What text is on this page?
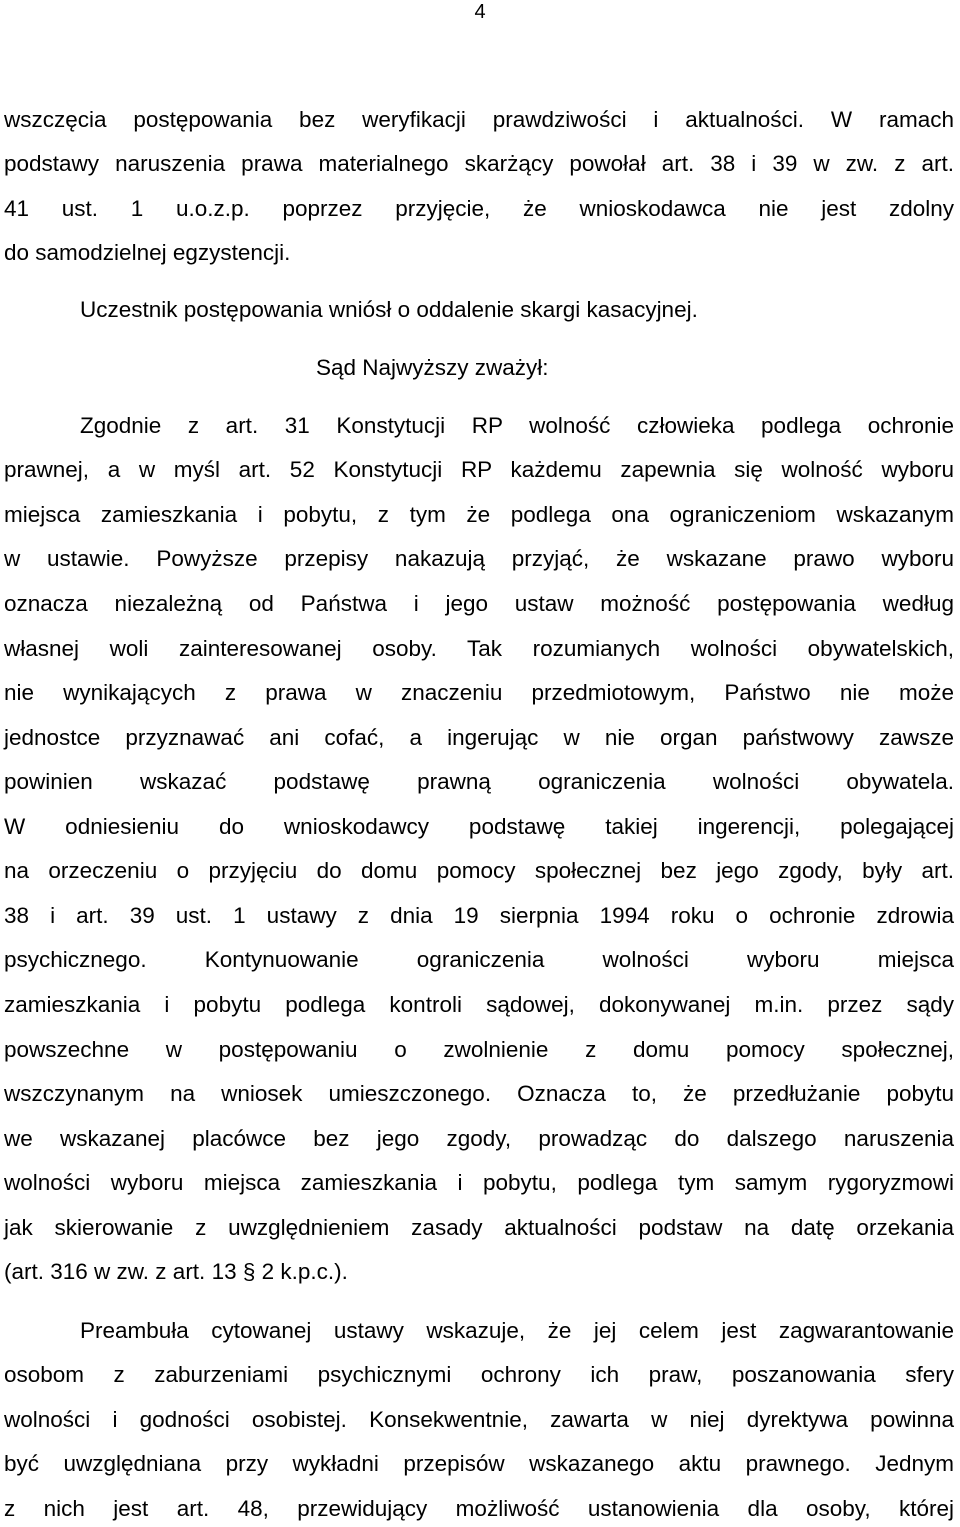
4
wszczęcia postępowania bez weryfikacji prawdziwości i aktualności. W ramach
podstawy naruszenia prawa materialnego skarżący powołał art. 38 i 39 w zw. z art.
41 ust. 1 u.o.z.p. poprzez przyjęcie, że wnioskodawca nie jest zdolny
do samodzielnej egzystencji.
Uczestnik postępowania wniósł o oddalenie skargi kasacyjnej.
Sąd Najwyższy zważył:
Zgodnie z art. 31 Konstytucji RP wolność człowieka podlega ochronie
prawnej, a w myśl art. 52 Konstytucji RP każdemu zapewnia się wolność wyboru
miejsca zamieszkania i pobytu, z tym że podlega ona ograniczeniom wskazanym
w ustawie. Powyższe przepisy nakazują przyjąć, że wskazane prawo wyboru
oznacza niezależną od Państwa i jego ustaw możność postępowania według
własnej woli zainteresowanej osoby. Tak rozumianych wolności obywatelskich,
nie wynikających z prawa w znaczeniu przedmiotowym, Państwo nie może
jednostce przyznawać ani cofać, a ingerując w nie organ państwowy zawsze
powinien wskazać podstawę prawną ograniczenia wolności obywatela.
W odniesieniu do wnioskodawcy podstawę takiej ingerencji, polegającej
na orzeczeniu o przyjęciu do domu pomocy społecznej bez jego zgody, były art.
38 i art. 39 ust. 1 ustawy z dnia 19 sierpnia 1994 roku o ochronie zdrowia
psychicznego. Kontynuowanie ograniczenia wolności wyboru miejsca
zamieszkania i pobytu podlega kontroli sądowej, dokonywanej m.in. przez sądy
powszechne w postępowaniu o zwolnienie z domu pomocy społecznej,
wszczynanym na wniosek umieszczonego. Oznacza to, że przedłużanie pobytu
we wskazanej placówce bez jego zgody, prowadząc do dalszego naruszenia
wolności wyboru miejsca zamieszkania i pobytu, podlega tym samym rygoryzmowi
jak skierowanie z uwzględnieniem zasady aktualności podstaw na datę orzekania
(art. 316 w zw. z art. 13 § 2 k.p.c.).
Preambuła cytowanej ustawy wskazuje, że jej celem jest zagwarantowanie
osobom z zaburzeniami psychicznymi ochrony ich praw, poszanowania sfery
wolności i godności osobistej. Konsekwentnie, zawarta w niej dyrektywa powinna
być uwzględniana przy wykładni przepisów wskazanego aktu prawnego. Jednym
z nich jest art. 48, przewidujący możliwość ustanowienia dla osoby, której
